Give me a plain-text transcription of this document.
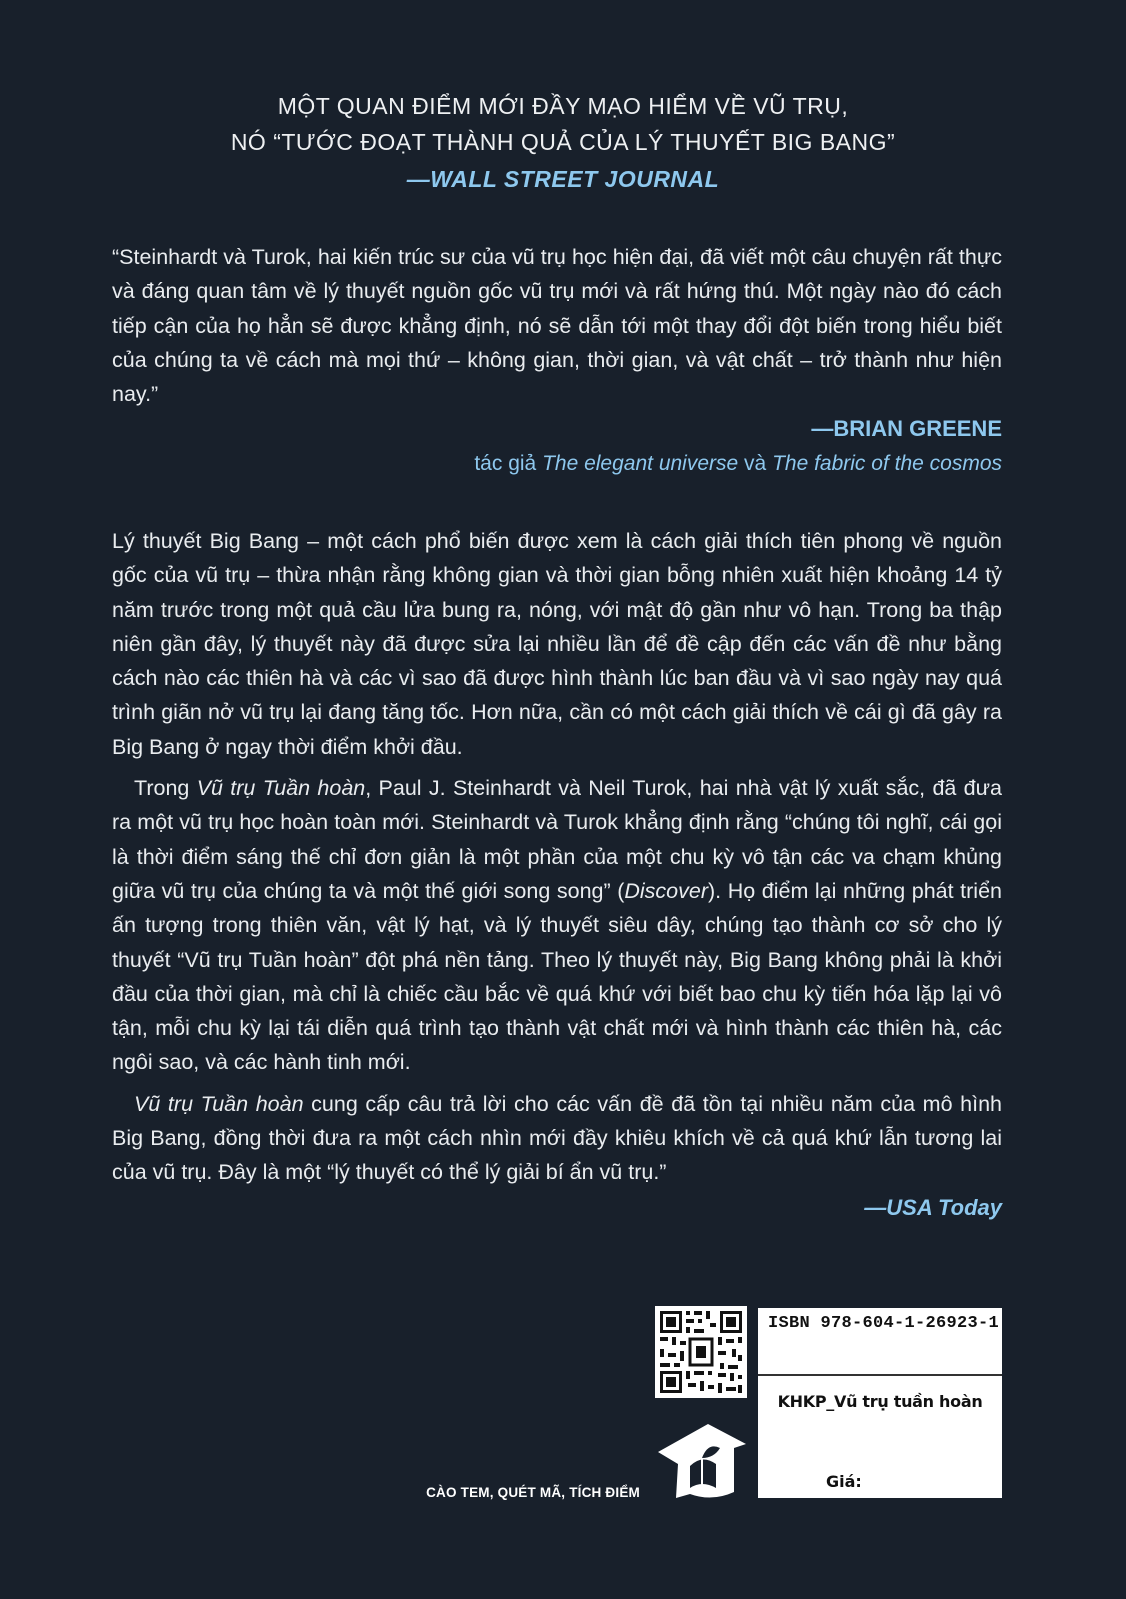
MỘT QUAN ĐIỂM MỚI ĐẦY MẠO HIỂM VỀ VŨ TRỤ,
NÓ “TƯỚC ĐOẠT THÀNH QUẢ CỦA LÝ THUYẾT BIG BANG”
—WALL STREET JOURNAL

“Steinhardt và Turok, hai kiến trúc sư của vũ trụ học hiện đại, đã viết một câu chuyện rất thực và đáng quan tâm về lý thuyết nguồn gốc vũ trụ mới và rất hứng thú. Một ngày nào đó cách tiếp cận của họ hẳn sẽ được khẳng định, nó sẽ dẫn tới một thay đổi đột biến trong hiểu biết của chúng ta về cách mà mọi thứ – không gian, thời gian, và vật chất – trở thành như hiện nay.”

—BRIAN GREENE
tác giả The elegant universe và The fabric of the cosmos

Lý thuyết Big Bang – một cách phổ biến được xem là cách giải thích tiên phong về nguồn gốc của vũ trụ – thừa nhận rằng không gian và thời gian bỗng nhiên xuất hiện khoảng 14 tỷ năm trước trong một quả cầu lửa bung ra, nóng, với mật độ gần như vô hạn. Trong ba thập niên gần đây, lý thuyết này đã được sửa lại nhiều lần để đề cập đến các vấn đề như bằng cách nào các thiên hà và các vì sao đã được hình thành lúc ban đầu và vì sao ngày nay quá trình giãn nở vũ trụ lại đang tăng tốc. Hơn nữa, cần có một cách giải thích về cái gì đã gây ra Big Bang ở ngay thời điểm khởi đầu.

Trong Vũ trụ Tuần hoàn, Paul J. Steinhardt và Neil Turok, hai nhà vật lý xuất sắc, đã đưa ra một vũ trụ học hoàn toàn mới. Steinhardt và Turok khẳng định rằng “chúng tôi nghĩ, cái gọi là thời điểm sáng thế chỉ đơn giản là một phần của một chu kỳ vô tận các va chạm khủng giữa vũ trụ của chúng ta và một thế giới song song” (Discover). Họ điểm lại những phát triển ấn tượng trong thiên văn, vật lý hạt, và lý thuyết siêu dây, chúng tạo thành cơ sở cho lý thuyết “Vũ trụ Tuần hoàn” đột phá nền tảng. Theo lý thuyết này, Big Bang không phải là khởi đầu của thời gian, mà chỉ là chiếc cầu bắc về quá khứ với biết bao chu kỳ tiến hóa lặp lại vô tận, mỗi chu kỳ lại tái diễn quá trình tạo thành vật chất mới và hình thành các thiên hà, các ngôi sao, và các hành tinh mới.

Vũ trụ Tuần hoàn cung cấp câu trả lời cho các vấn đề đã tồn tại nhiều năm của mô hình Big Bang, đồng thời đưa ra một cách nhìn mới đầy khiêu khích về cả quá khứ lẫn tương lai của vũ trụ. Đây là một “lý thuyết có thể lý giải bí ẩn vũ trụ.”

—USA Today
CÀO TEM, QUÉT MÃ, TÍCH ĐIỂM
ISBN 978-604-1-26923-1
KHKP_Vũ trụ tuần hoàn
Giá:
